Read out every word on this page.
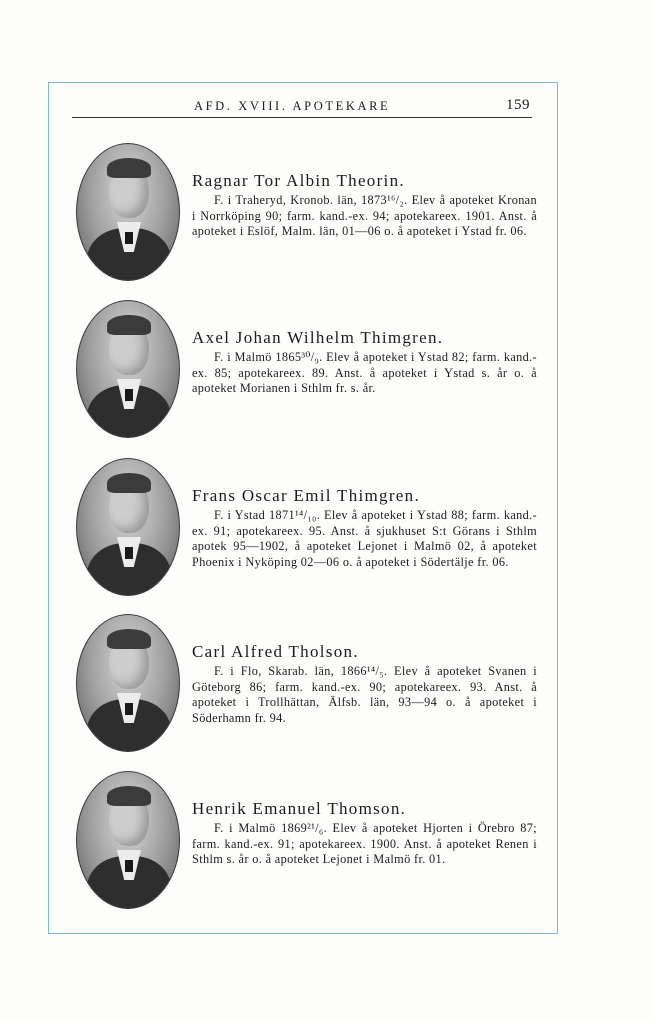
AFD. XVIII. APOTEKARE	159
Ragnar Tor Albin Theorin.
F. i Traheryd, Kronob. län, 1873¹⁶/₂. Elev å apoteket Kronan i Norrköping 90; farm. kand.-ex. 94; apotekareex. 1901. Anst. å apoteket i Eslöf, Malm. län, 01—06 o. å apoteket i Ystad fr. 06.
Axel Johan Wilhelm Thimgren.
F. i Malmö 1865³⁰/₉. Elev å apoteket i Ystad 82; farm. kand.-ex. 85; apotekareex. 89. Anst. å apoteket i Ystad s. år o. å apoteket Morianen i Sthlm fr. s. år.
Frans Oscar Emil Thimgren.
F. i Ystad 1871¹⁴/₁₀. Elev å apoteket i Ystad 88; farm. kand.-ex. 91; apotekareex. 95. Anst. å sjukhuset S:t Görans i Sthlm apotek 95—1902, å apoteket Lejonet i Malmö 02, å apoteket Phoenix i Nyköping 02—06 o. å apoteket i Södertälje fr. 06.
Carl Alfred Tholson.
F. i Flo, Skarab. län, 1866¹⁴/₅. Elev å apoteket Svanen i Göteborg 86; farm. kand.-ex. 90; apotekareex. 93. Anst. å apoteket i Trollhättan, Älfsb. län, 93—94 o. å apoteket i Söderhamn fr. 94.
Henrik Emanuel Thomson.
F. i Malmö 1869²¹/₆. Elev å apoteket Hjorten i Örebro 87; farm. kand.-ex. 91; apotekareex. 1900. Anst. å apoteket Renen i Sthlm s. år o. å apoteket Lejonet i Malmö fr. 01.
